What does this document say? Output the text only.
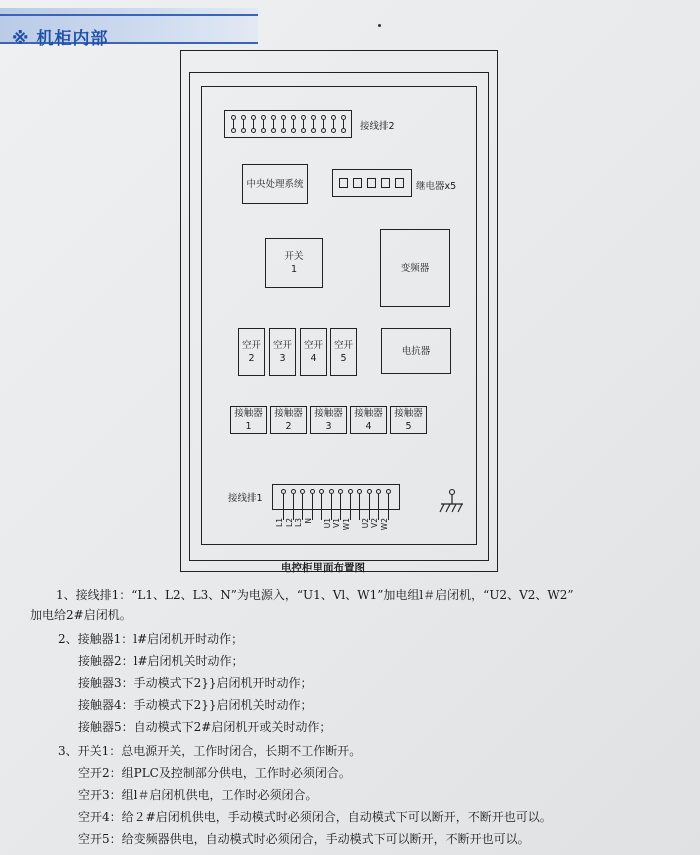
※ 机柜内部
接线排2
中央处理系统	继电器x5
开关
1	变频器
空开
2
空开
3
空开
4
空开
5
电抗器
接触器
1
接触器
2
接触器
3
接触器
4
接触器
5
接线排1
L1 L2 L3 N U1 V1 W1 U2 V2 W2
电控柜里面布置图
1、接线排1：“L1、L2、L3、N”为电源入，“U1、Vl、W1”加电组l＃启闭机，“U2、V2、W2”
加电给2#启闭机。
2、接触器1：l#启闭机开时动作；
接触器2：l#启闭机关时动作；
接触器3：手动模式下2}}启闭机开时动作；
接触器4：手动模式下2}}启闭机关时动作；
接触器5：自动模式下2#启闭机开或关时动作；
3、开关1：总电源开关，工作时闭合，长期不工作断开。
空开2：组PLC及控制部分供电，工作时必须闭合。
空开3：组l＃启闭机供电，工作时必须闭合。
空开4：给２#启闭机供电，手动模式时必须闭合，自动模式下可以断开，不断开也可以。
空开5：给变频器供电，自动模式时必须闭合，手动模式下可以断开，不断开也可以。
